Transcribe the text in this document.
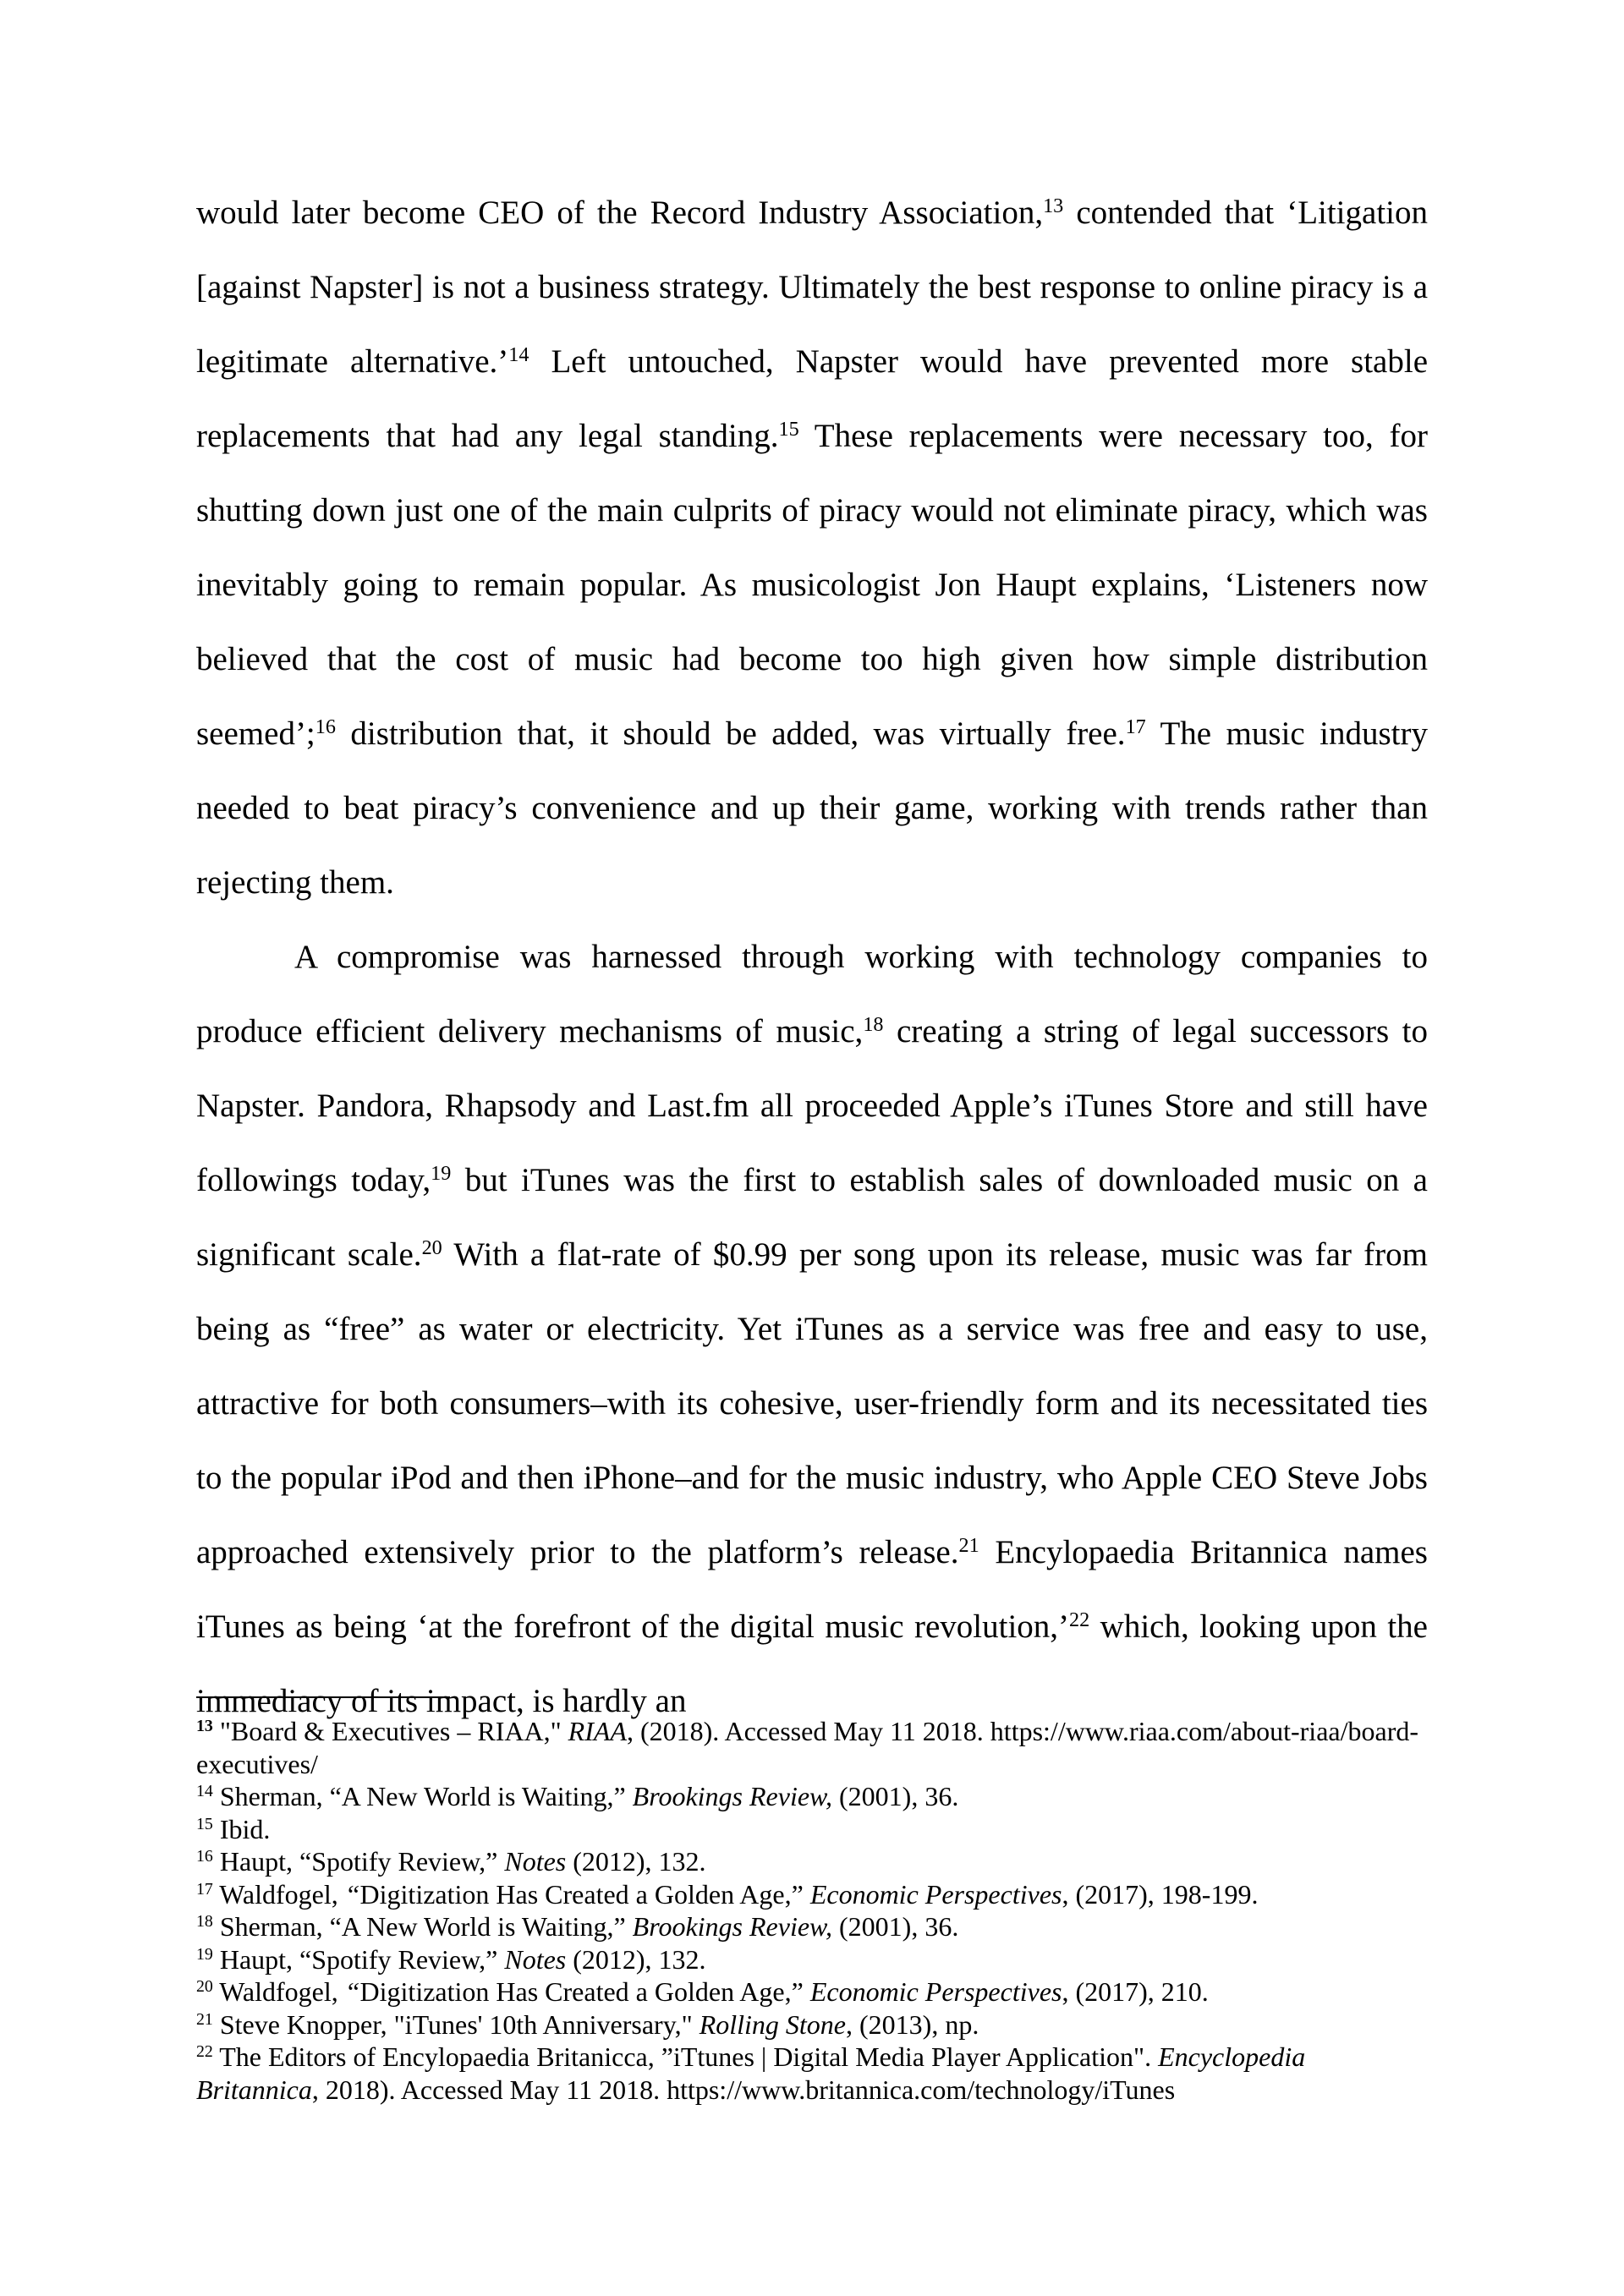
would later become CEO of the Record Industry Association,$^{13}$ contended that ‘Litigation [against Napster] is not a business strategy. Ultimately the best response to online piracy is a legitimate alternative.’$^{14}$ Left untouched, Napster would have prevented more stable replacements that had any legal standing.$^{15}$ These replacements were necessary too, for shutting down just one of the main culprits of piracy would not eliminate piracy, which was inevitably going to remain popular. As musicologist Jon Haupt explains, ‘Listeners now believed that the cost of music had become too high given how simple distribution seemed’;$^{16}$ distribution that, it should be added, was virtually free.$^{17}$ The music industry needed to beat piracy’s convenience and up their game, working with trends rather than rejecting them.

A compromise was harnessed through working with technology companies to produce efficient delivery mechanisms of music,$^{18}$ creating a string of legal successors to Napster. Pandora, Rhapsody and Last.fm all proceeded Apple’s iTunes Store and still have followings today,$^{19}$ but iTunes was the first to establish sales of downloaded music on a significant scale.$^{20}$ With a flat-rate of $0.99 per song upon its release, music was far from being as “free” as water or electricity. Yet iTunes as a service was free and easy to use, attractive for both consumers–with its cohesive, user-friendly form and its necessitated ties to the popular iPod and then iPhone–and for the music industry, who Apple CEO Steve Jobs approached extensively prior to the platform’s release.$^{21}$ Encylopaedia Britannica names iTunes as being ‘at the forefront of the digital music revolution,’$^{22}$ which, looking upon the immediacy of its impact, is hardly an

$^{13}$ "Board & Executives – RIAA," RIAA, (2018). Accessed May 11 2018. https://www.riaa.com/about-riaa/board-executives/
$^{14}$ Sherman, “A New World is Waiting,” Brookings Review, (2001), 36.
$^{15}$ Ibid.
$^{16}$ Haupt, “Spotify Review,” Notes (2012), 132.
$^{17}$ Waldfogel, “Digitization Has Created a Golden Age,” Economic Perspectives, (2017), 198-199.
$^{18}$ Sherman, “A New World is Waiting,” Brookings Review, (2001), 36.
$^{19}$ Haupt, “Spotify Review,” Notes (2012), 132.
$^{20}$ Waldfogel, “Digitization Has Created a Golden Age,” Economic Perspectives, (2017), 210.
$^{21}$ Steve Knopper, "iTunes' 10th Anniversary," Rolling Stone, (2013), np.
$^{22}$ The Editors of Encylopaedia Britanicca, ”iTtunes | Digital Media Player Application". Encyclopedia Britannica, 2018). Accessed May 11 2018. https://www.britannica.com/technology/iTunes
